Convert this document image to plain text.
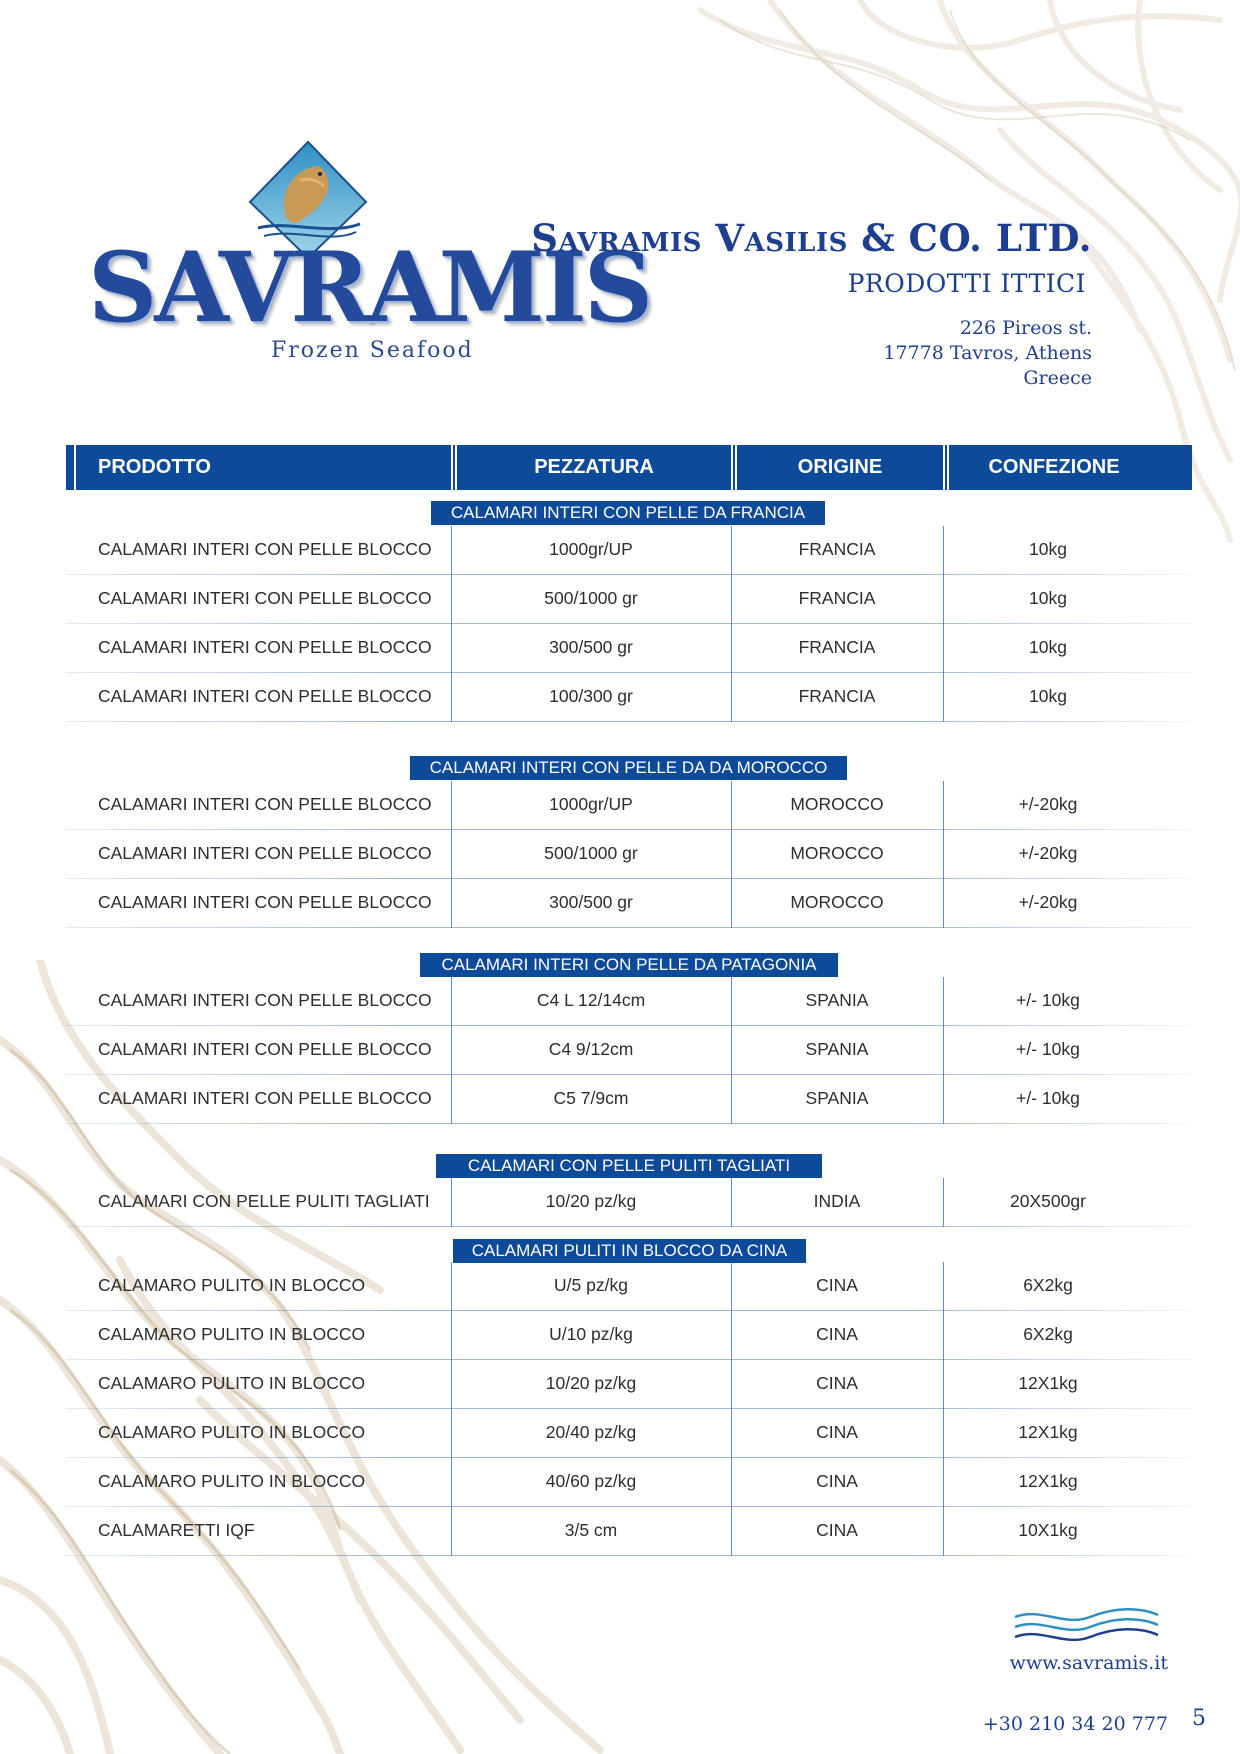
SAVRAMIS
Frozen Seafood
Savramis Vasilis & CO. LTD.
PRODOTTI ITTICI
226 Pireos st.
17778 Tavros, Athens
Greece
PRODOTTO	PEZZATURA	ORIGINE	CONFEZIONE
CALAMARI INTERI CON PELLE DA FRANCIA
CALAMARI INTERI CON PELLE BLOCCO	1000gr/UP	FRANCIA	10kg
CALAMARI INTERI CON PELLE BLOCCO	500/1000 gr	FRANCIA	10kg
CALAMARI INTERI CON PELLE BLOCCO	300/500 gr	FRANCIA	10kg
CALAMARI INTERI CON PELLE BLOCCO	100/300 gr	FRANCIA	10kg
CALAMARI INTERI CON PELLE DA DA MOROCCO
CALAMARI INTERI CON PELLE BLOCCO	1000gr/UP	MOROCCO	+/-20kg
CALAMARI INTERI CON PELLE BLOCCO	500/1000 gr	MOROCCO	+/-20kg
CALAMARI INTERI CON PELLE BLOCCO	300/500 gr	MOROCCO	+/-20kg
CALAMARI INTERI CON PELLE DA PATAGONIA
CALAMARI INTERI CON PELLE BLOCCO	C4 L 12/14cm	SPANIA	+/- 10kg
CALAMARI INTERI CON PELLE BLOCCO	C4 9/12cm	SPANIA	+/- 10kg
CALAMARI INTERI CON PELLE BLOCCO	C5 7/9cm	SPANIA	+/- 10kg
CALAMARI CON PELLE PULITI TAGLIATI
CALAMARI CON PELLE PULITI TAGLIATI	10/20 pz/kg	INDIA	20X500gr
CALAMARI PULITI IN BLOCCO DA CINA
CALAMARO PULITO IN BLOCCO	U/5 pz/kg	CINA	6X2kg
CALAMARO PULITO IN BLOCCO	U/10 pz/kg	CINA	6X2kg
CALAMARO PULITO IN BLOCCO	10/20 pz/kg	CINA	12X1kg
CALAMARO PULITO IN BLOCCO	20/40 pz/kg	CINA	12X1kg
CALAMARO PULITO IN BLOCCO	40/60 pz/kg	CINA	12X1kg
CALAMARETTI IQF	3/5 cm	CINA	10X1kg
www.savramis.it
+30 210 34 20 777 5
